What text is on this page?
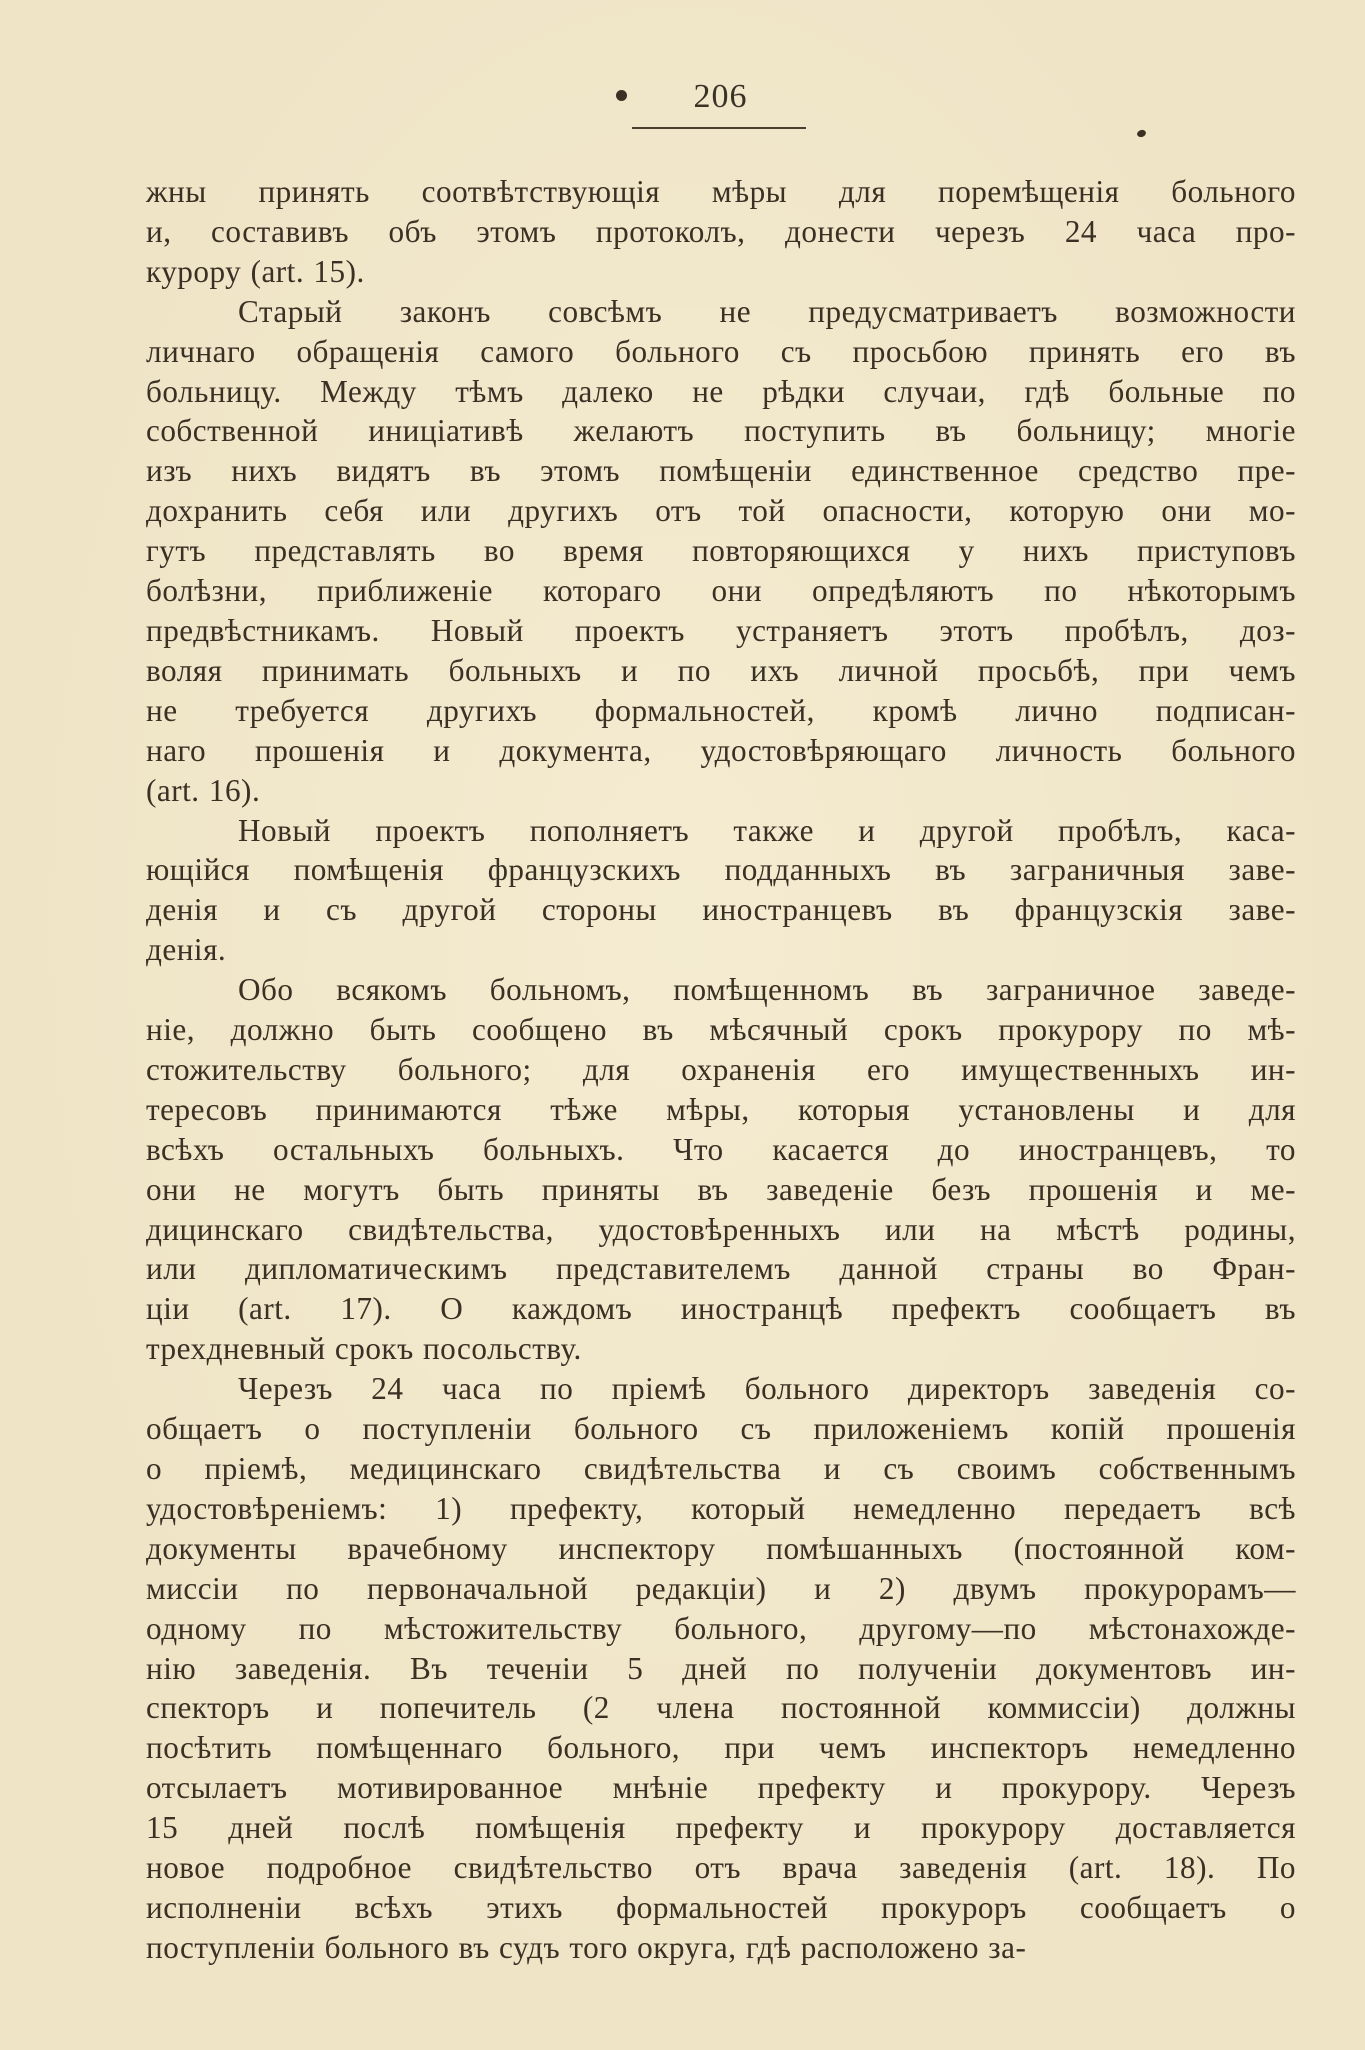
206
жны принять соотвѣтствующія мѣры для поремѣщенія больного
и, составивъ объ этомъ протоколъ, донести черезъ 24 часа про-
курору (art. 15).
Старый законъ совсѣмъ не предусматриваетъ возможности
личнаго обращенія самого больного съ просьбою принять его въ
больницу. Между тѣмъ далеко не рѣдки случаи, гдѣ больные по
собственной иниціативѣ желаютъ поступить въ больницу; многіе
изъ нихъ видятъ въ этомъ помѣщеніи единственное средство пре-
дохранить себя или другихъ отъ той опасности, которую они мо-
гутъ представлять во время повторяющихся у нихъ приступовъ
болѣзни, приближеніе котораго они опредѣляютъ по нѣкоторымъ
предвѣстникамъ. Новый проектъ устраняетъ этотъ пробѣлъ, доз-
воляя принимать больныхъ и по ихъ личной просьбѣ, при чемъ
не требуется другихъ формальностей, кромѣ лично подписан-
наго прошенія и документа, удостовѣряющаго личность больного
(art. 16).
Новый проектъ пополняетъ также и другой пробѣлъ, каса-
ющійся помѣщенія французскихъ подданныхъ въ заграничныя заве-
денія и съ другой стороны иностранцевъ въ французскія заве-
денія.
Обо всякомъ больномъ, помѣщенномъ въ заграничное заведе-
ніе, должно быть сообщено въ мѣсячный срокъ прокурору по мѣ-
стожительству больного; для охраненія его имущественныхъ ин-
тересовъ принимаются тѣже мѣры, которыя установлены и для
всѣхъ остальныхъ больныхъ. Что касается до иностранцевъ, то
они не могутъ быть приняты въ заведеніе безъ прошенія и ме-
дицинскаго свидѣтельства, удостовѣренныхъ или на мѣстѣ родины,
или дипломатическимъ представителемъ данной страны во Фран-
ціи (art. 17). О каждомъ иностранцѣ префектъ сообщаетъ въ
трехдневный срокъ посольству.
Черезъ 24 часа по пріемѣ больного директоръ заведенія со-
общаетъ о поступленіи больного съ приложеніемъ копій прошенія
о пріемѣ, медицинскаго свидѣтельства и съ своимъ собственнымъ
удостовѣреніемъ: 1) префекту, который немедленно передаетъ всѣ
документы врачебному инспектору помѣшанныхъ (постоянной ком-
миссіи по первоначальной редакціи) и 2) двумъ прокурорамъ—
одному по мѣстожительству больного, другому—по мѣстонахожде-
нію заведенія. Въ теченіи 5 дней по полученіи документовъ ин-
спекторъ и попечитель (2 члена постоянной коммиссіи) должны
посѣтить помѣщеннаго больного, при чемъ инспекторъ немедленно
отсылаетъ мотивированное мнѣніе префекту и прокурору. Черезъ
15 дней послѣ помѣщенія префекту и прокурору доставляется
новое подробное свидѣтельство отъ врача заведенія (art. 18). По
исполненіи всѣхъ этихъ формальностей прокуроръ сообщаетъ о
поступленіи больного въ судъ того округа, гдѣ расположено за-
